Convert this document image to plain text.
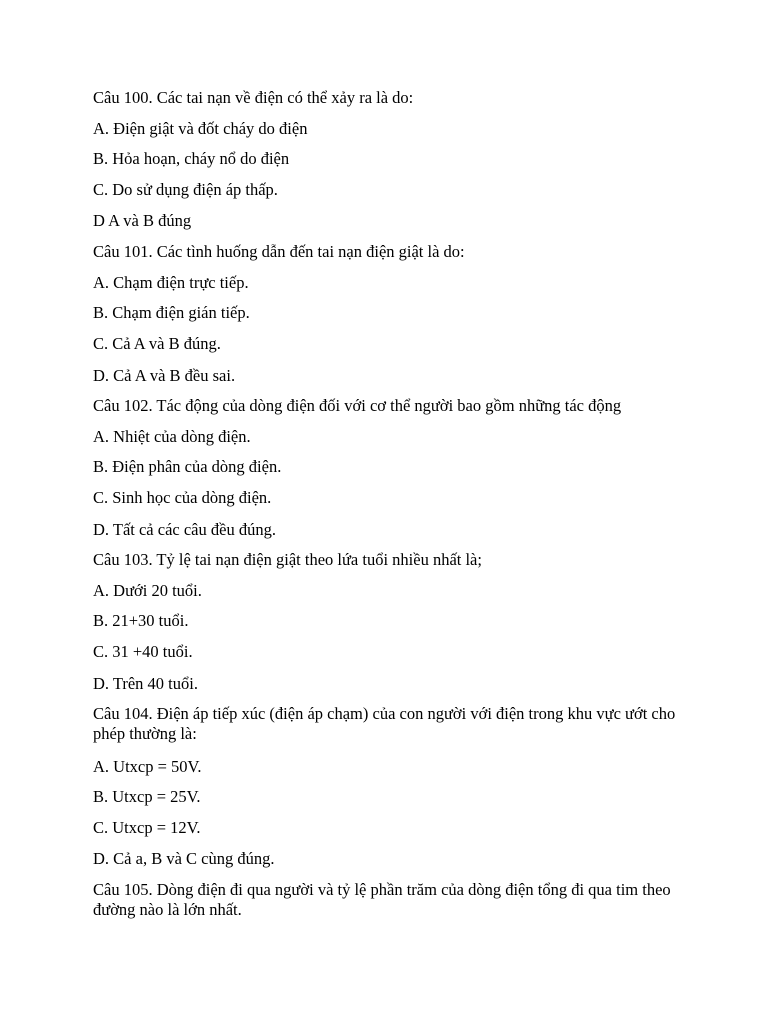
Câu 100. Các tai nạn về điện có thể xảy ra là do:
A. Điện giật và đốt cháy do điện
B. Hỏa hoạn, cháy nổ do điện
C. Do sử dụng điện áp thấp.
D A và B đúng
Câu 101. Các tình huống dẫn đến tai nạn điện giật là do:
A. Chạm điện trực tiếp.
B. Chạm điện gián tiếp.
C. Cả A và B đúng.
D. Cả A và B đều sai.
Câu 102. Tác động của dòng điện đối với cơ thể người bao gồm những tác động
A. Nhiệt của dòng điện.
B. Điện phân của dòng điện.
C. Sinh học của dòng điện.
D. Tất cả các câu đều đúng.
Câu 103. Tỷ lệ tai nạn điện giật theo lứa tuổi nhiều nhất là;
A. Dưới 20 tuổi.
B. 21+30 tuổi.
C. 31 +40 tuổi.
D. Trên 40 tuổi.
Câu 104. Điện áp tiếp xúc (điện áp chạm) của con người với điện trong khu vực ướt cho phép thường là:
A. Utxcp = 50V.
B. Utxcp = 25V.
C. Utxcp = 12V.
D. Cả a, B và C cùng đúng.
Câu 105. Dòng điện đi qua người và tỷ lệ phần trăm của dòng điện tổng đi qua tim theo đường nào là lớn nhất.
